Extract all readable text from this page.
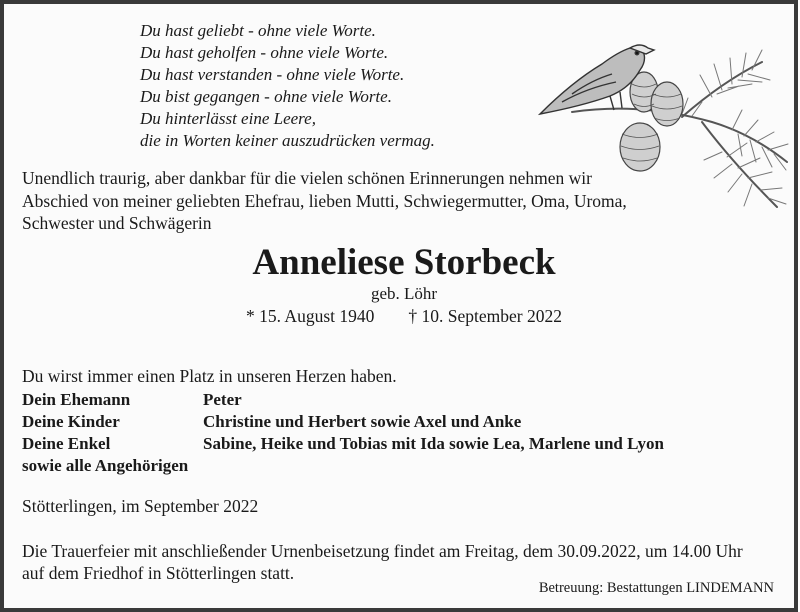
Du hast geliebt - ohne viele Worte.
Du hast geholfen - ohne viele Worte.
Du hast verstanden - ohne viele Worte.
Du bist gegangen - ohne viele Worte.
Du hinterlässt eine Leere,
die in Worten keiner auszudrücken vermag.
Unendlich traurig, aber dankbar für die vielen schönen Erinnerungen nehmen wir
Abschied von meiner geliebten Ehefrau, lieben Mutti, Schwiegermutter, Oma, Uroma,
Schwester und Schwägerin
Anneliese Storbeck
geb. Löhr
* 15. August 1940 † 10. September 2022
Du wirst immer einen Platz in unseren Herzen haben.
Dein Ehemann	Peter
Deine Kinder	Christine und Herbert sowie Axel und Anke
Deine Enkel	Sabine, Heike und Tobias mit Ida sowie Lea, Marlene und Lyon
sowie alle Angehörigen
Stötterlingen, im September 2022
Die Trauerfeier mit anschließender Urnenbeisetzung findet am Freitag, dem 30.09.2022, um 14.00 Uhr
auf dem Friedhof in Stötterlingen statt.
Betreuung: Bestattungen LINDEMANN
